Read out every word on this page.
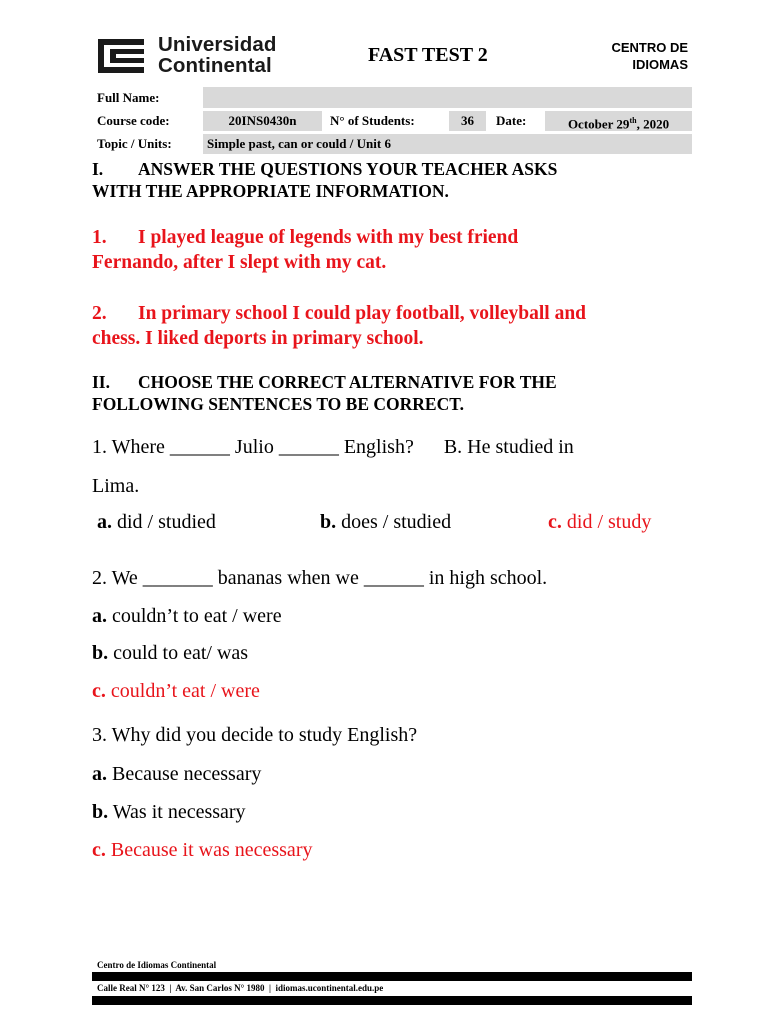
Universidad
Continental	FAST TEST 2	CENTRO DE
IDIOMAS
Full Name:
Course code:	20INS0430n	N° of Students:	36	Date:	October 29th, 2020
Topic / Units:	Simple past, can or could / Unit 6
I. ANSWER THE QUESTIONS YOUR TEACHER ASKS
WITH THE APPROPRIATE INFORMATION.
1. I played league of legends with my best friend
Fernando, after I slept with my cat.
2. In primary school I could play football, volleyball and
chess. I liked deports in primary school.
II. CHOOSE THE CORRECT ALTERNATIVE FOR THE
FOLLOWING SENTENCES TO BE CORRECT.
1. Where ______ Julio ______ English?      B. He studied in
Lima.
a. did / studied	b. does / studied	c. did / study
2. We _______ bananas when we ______ in high school.
a. couldn’t to eat / were
b. could to eat/ was
c. couldn’t eat / were
3. Why did you decide to study English?
a. Because necessary
b. Was it necessary
c. Because it was necessary
Centro de Idiomas Continental
Calle Real N° 123  |  Av. San Carlos N° 1980  |  idiomas.ucontinental.edu.pe
